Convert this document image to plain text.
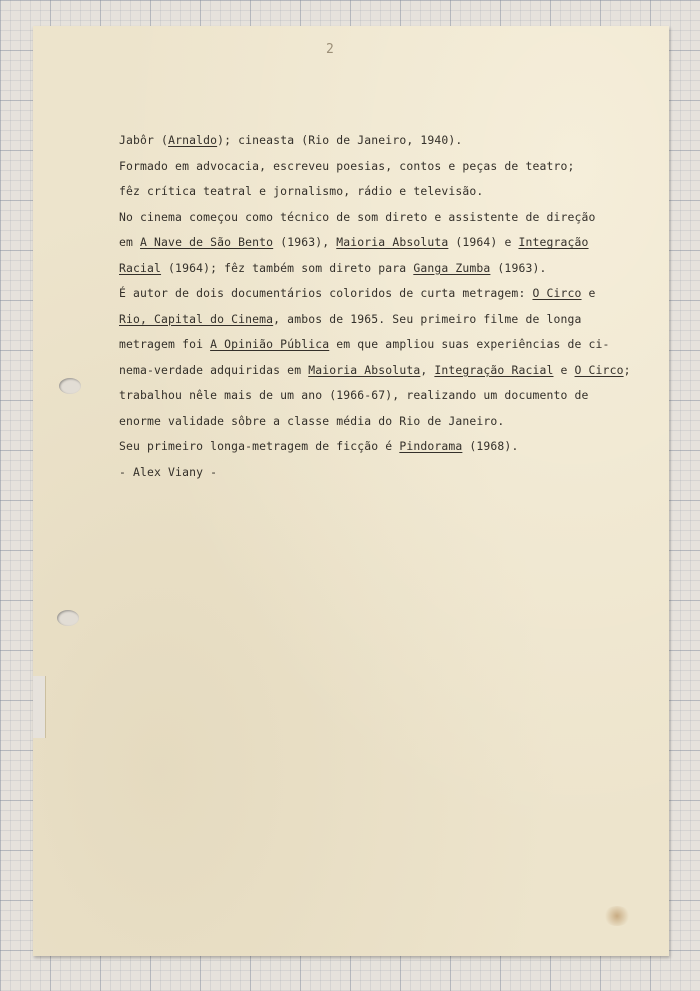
2
Jabôr (Arnaldo); cineasta (Rio de Janeiro, 1940).
Formado em advocacia, escreveu poesias, contos e peças de teatro;
fêz crítica teatral e jornalismo, rádio e televisão.
No cinema começou como técnico de som direto e assistente de direção
em A Nave de São Bento (1963), Maioria Absoluta (1964) e Integração
Racial (1964); fêz também som direto para Ganga Zumba (1963).
É autor de dois documentários coloridos de curta metragem: O Circo e
Rio, Capital do Cinema, ambos de 1965. Seu primeiro filme de longa
metragem foi A Opinião Pública em que ampliou suas experiências de ci-
nema-verdade adquiridas em Maioria Absoluta, Integração Racial e O Circo;
trabalhou nêle mais de um ano (1966-67), realizando um documento de
enorme validade sôbre a classe média do Rio de Janeiro.
Seu primeiro longa-metragem de ficção é Pindorama (1968).
- Alex Viany -
